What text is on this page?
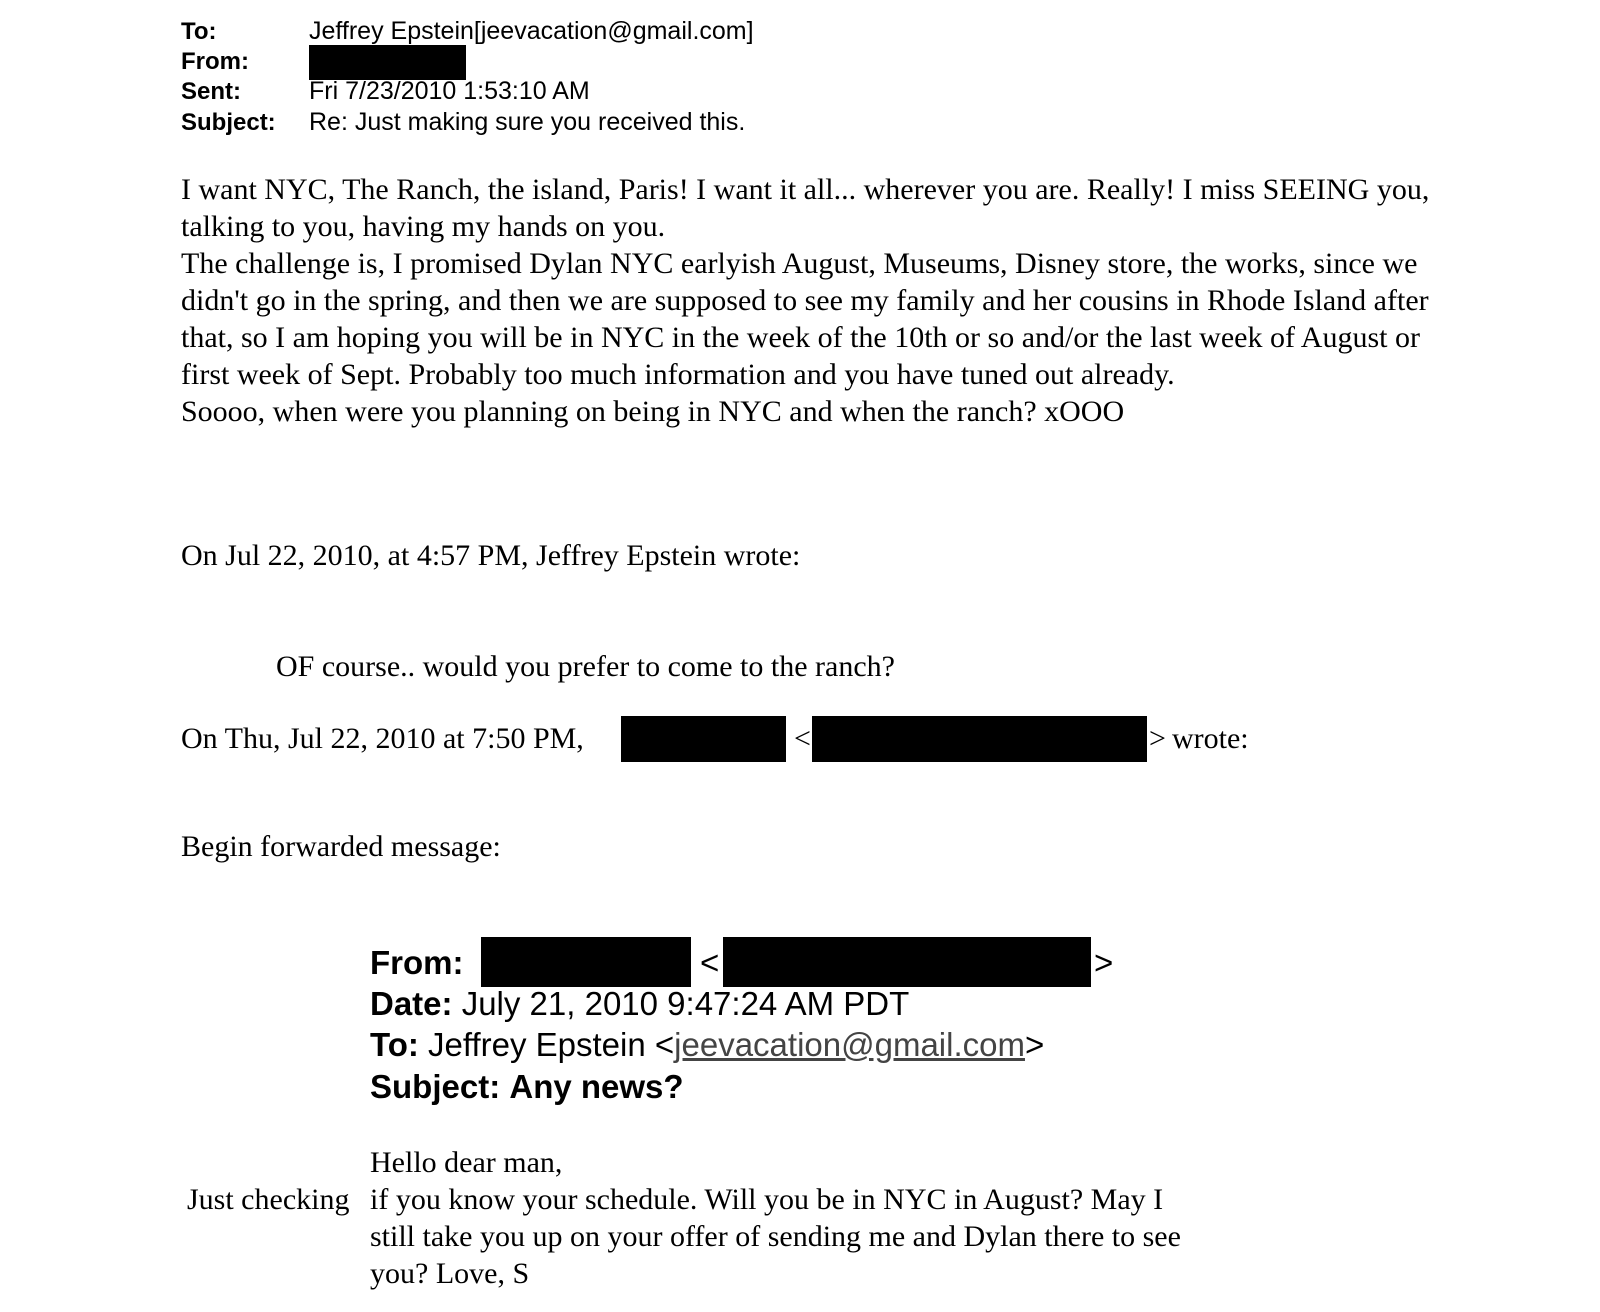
To:	Jeffrey Epstein[jeevacation@gmail.com]
From:
Sent:	Fri 7/23/2010 1:53:10 AM
Subject: Re: Just making sure you received this.

I want NYC, The Ranch, the island, Paris! I want it all... wherever you are. Really! I miss SEEING you, talking to you, having my hands on you.

The challenge is, I promised Dylan NYC earlyish August, Museums, Disney store, the works, since we didn't go in the spring, and then we are supposed to see my family and her cousins in Rhode Island after that, so I am hoping you will be in NYC in the week of the 10th or so and/or the last week of August or first week of Sept. Probably too much information and you have tuned out already.

Soooo, when were you planning on being in NYC and when the ranch? xOOO

On Jul 22, 2010, at 4:57 PM, Jeffrey Epstein wrote:
OF course.. would you prefer to come to the ranch?
On Thu, Jul 22, 2010 at 7:50 PM,	<	> wrote:
Begin forwarded message:
From:	<	>
Date: July 21, 2010 9:47:24 AM PDT
To: Jeffrey Epstein <jeevacation@gmail.com>
Subject: Any news?
Hello dear man,
Just checking if you know your schedule. Will you be in NYC in August? May I
still take you up on your offer of sending me and Dylan there to see
you? Love, S
